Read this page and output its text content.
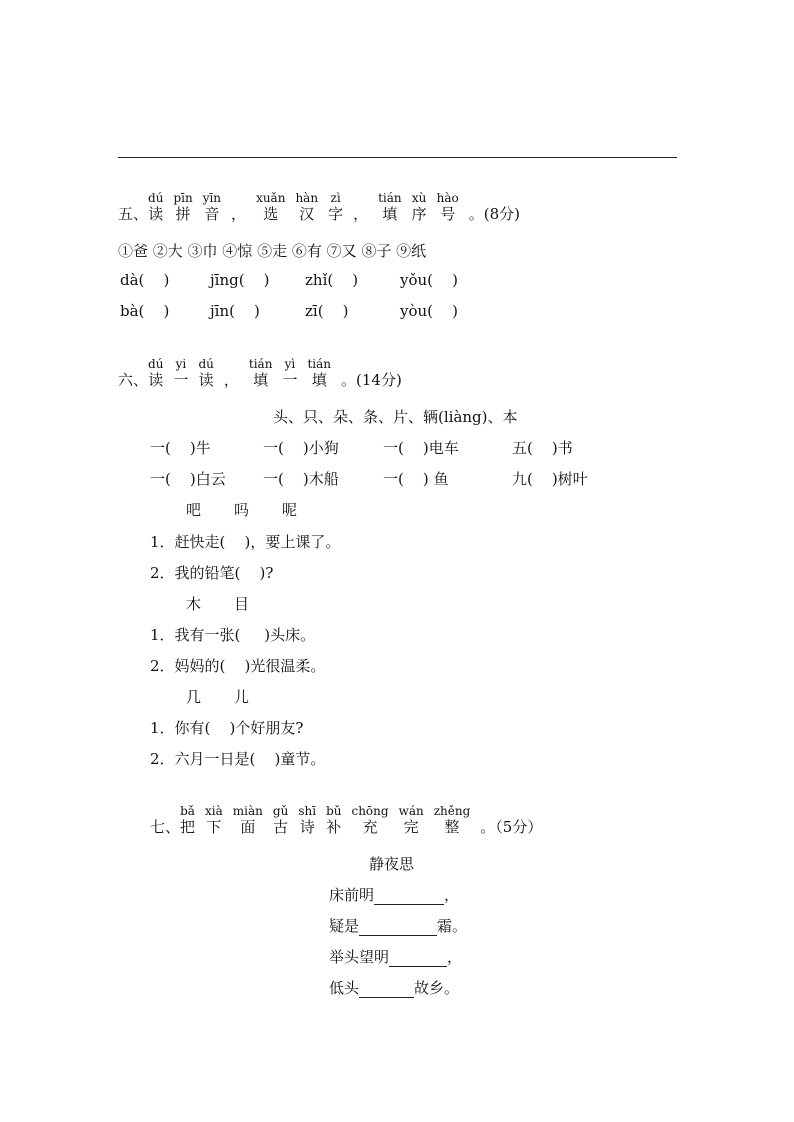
五、
dú
读
pīn
拼
yīn
音 ，
xuǎn
选
hàn
汉
zì
字 ，
tián
填
xù
序
hào
号 。(8分)
①爸 ②大 ③巾 ④惊 ⑤走 ⑥有 ⑦又 ⑧子 ⑨纸
dà(    )	jīng(    ) zhǐ(    )	yǒu(    )
bà(    )	jīn(    )	zī(    )	yòu(    )
六、
dú
读
yi
一
dú
读 ，
tián
填
yì
一
tián
填 。(14分)
头、只、朵、条、片、辆(liàng)、本
一(    )牛	一(    )小狗	一(    )电车	五(    )书
一(    )白云 一(    )木船	一(    ) 鱼	九(    )树叶
吧 吗 呢
1．赶快走(    )，要上课了。
2．我的铅笔(    )?
木 目
1．我有一张(     )头床。
2．妈妈的(    )光很温柔。
几 儿
1．你有(    )个好朋友?
2．六月一日是(    )童节。
七、
bǎ
把
xià
下
miàn
面
gǔ
古
shī
诗
bǔ
补
chōng
充
wán
完
zhěng
整 。（5分）
静夜思
床前明	，
疑是	霜。
举头望明	，
低头	故乡。
